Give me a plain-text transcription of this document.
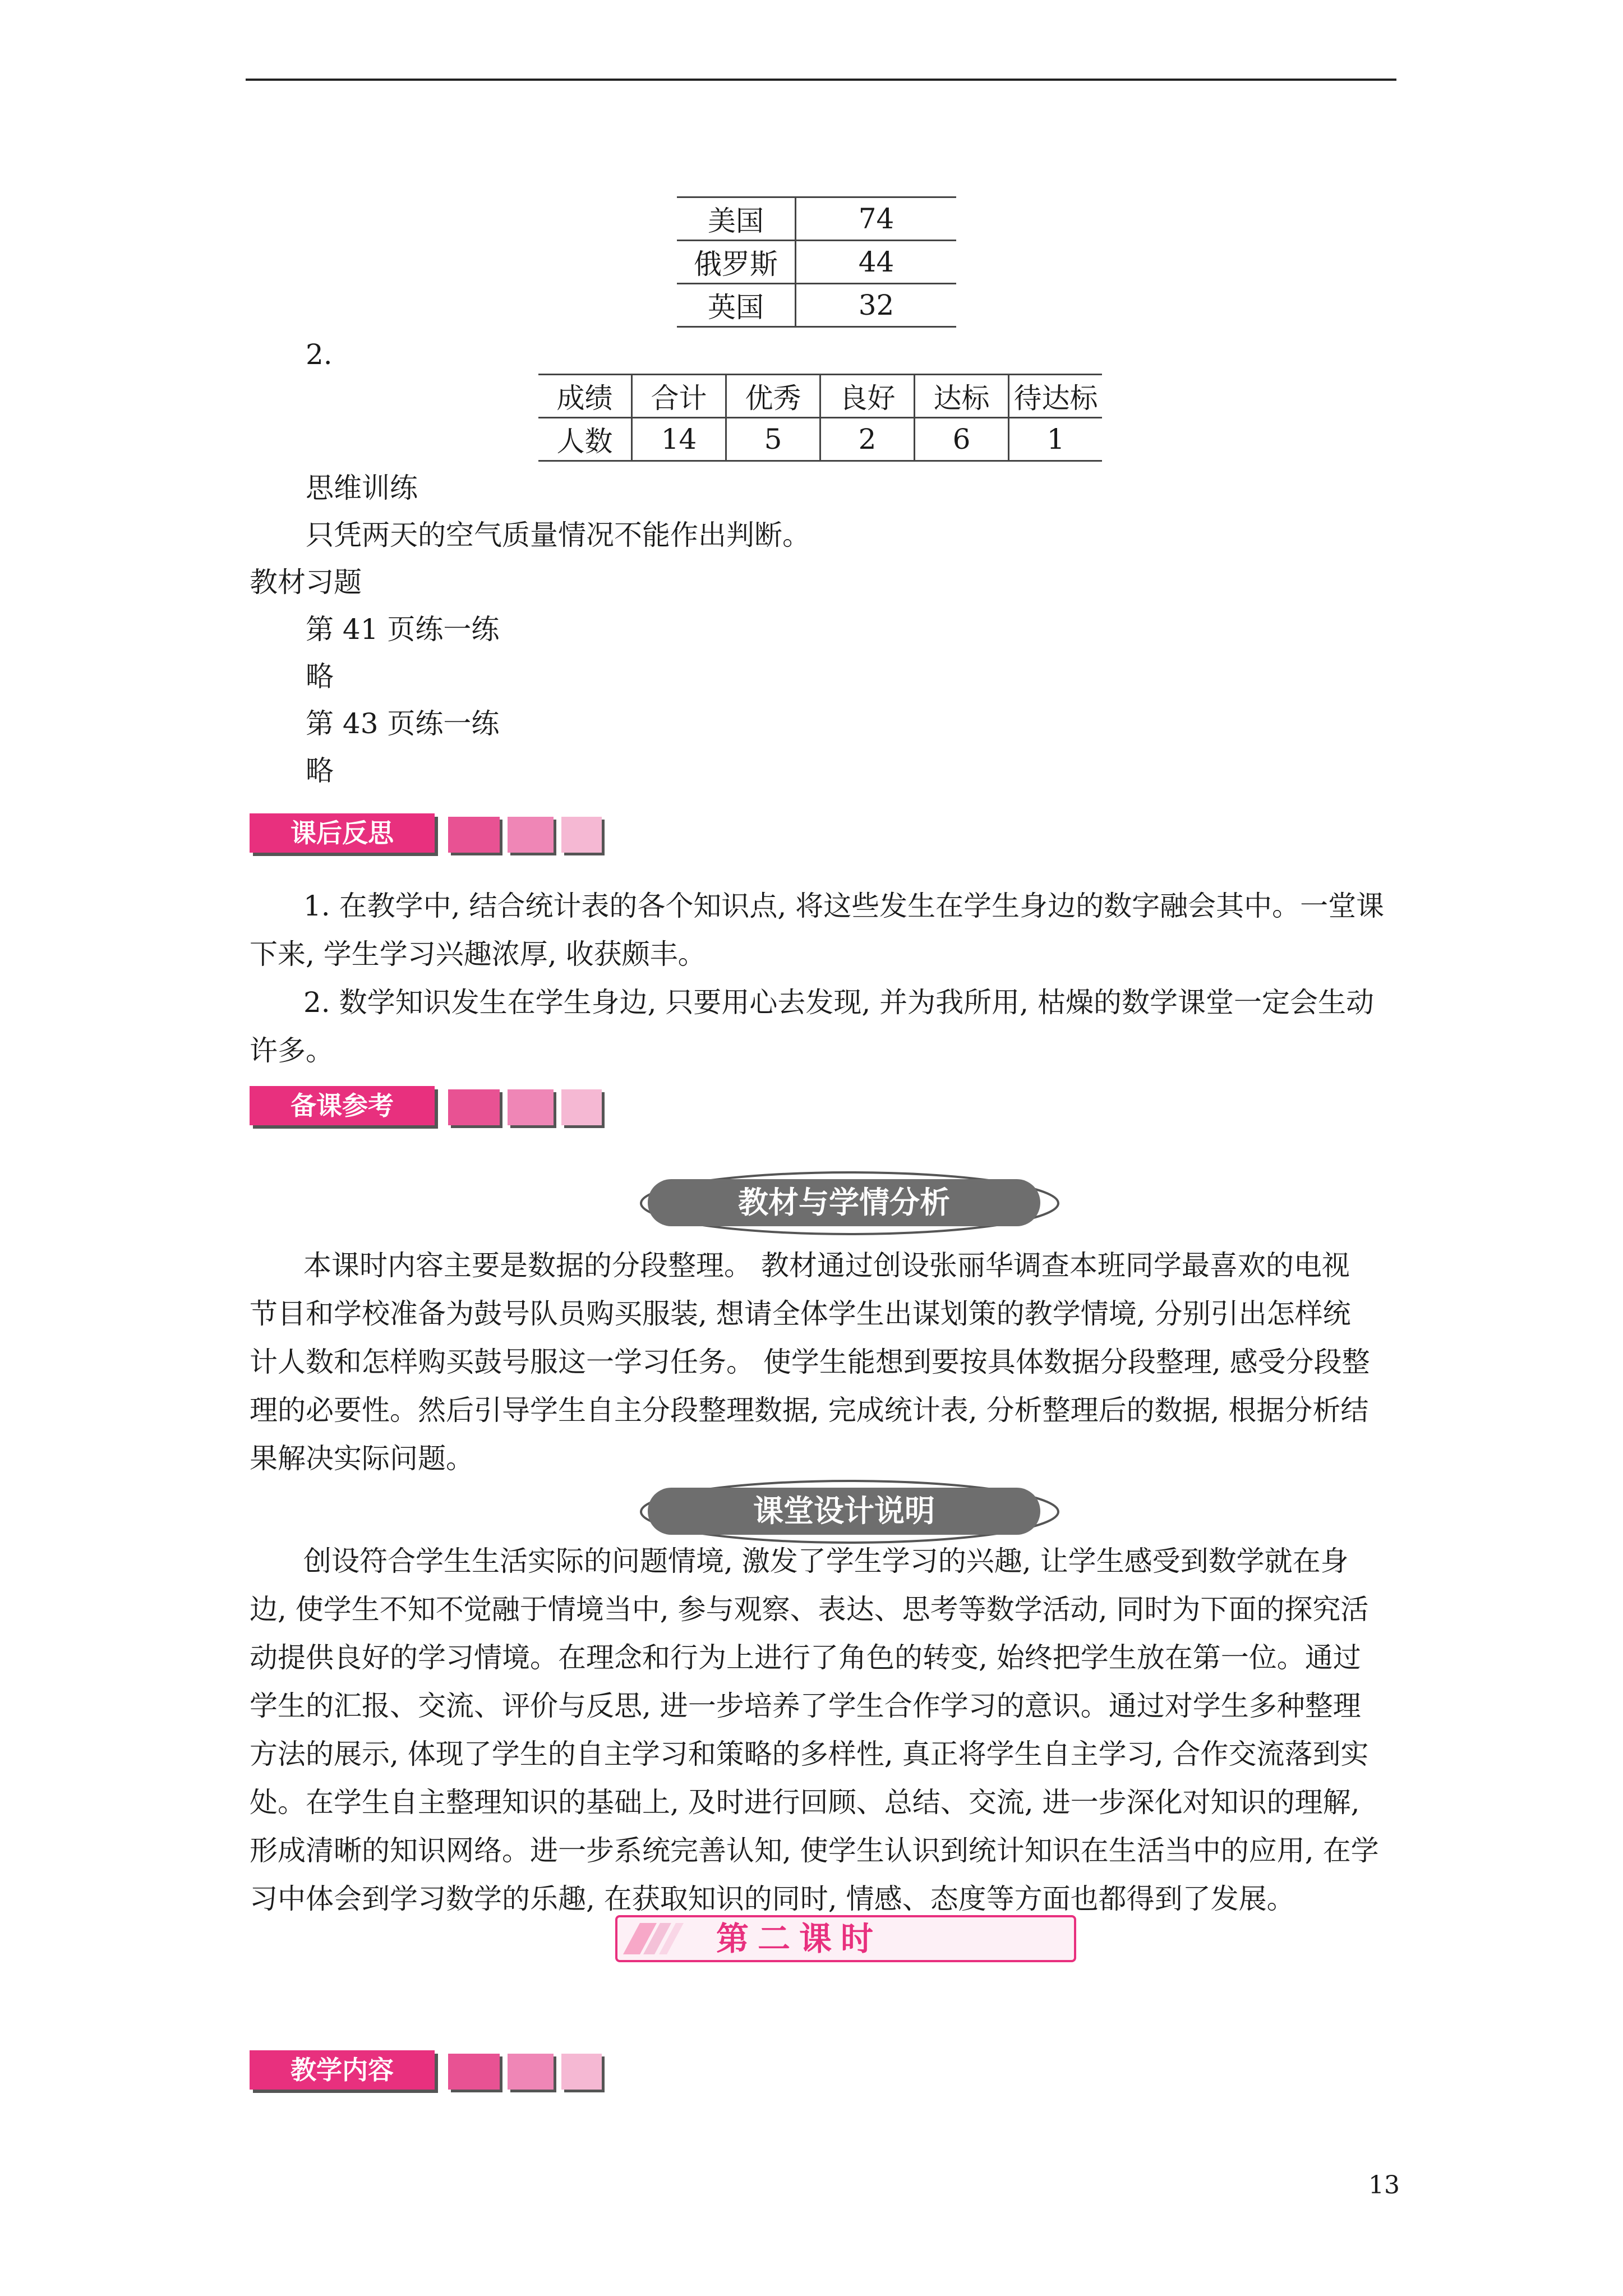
美国	74
俄罗斯	44
英国	32
2.
成绩	合计	优秀	良好	达标	待达标
人数	14	5	2	6	1
思维训练
只凭两天的空气质量情况不能作出判断。
教材习题
第 41 页练一练
略
第 43 页练一练
略
课后反思

1. 在教学中, 结合统计表的各个知识点, 将这些发生在学生身边的数字融会其中。一堂课

下来, 学生学习兴趣浓厚, 收获颇丰。

2. 数学知识发生在学生身边, 只要用心去发现, 并为我所用, 枯燥的数学课堂一定会生动

许多。

备课参考
教材与学情分析

本课时内容主要是数据的分段整理。 教材通过创设张丽华调查本班同学最喜欢的电视

节目和学校准备为鼓号队员购买服装, 想请全体学生出谋划策的教学情境, 分别引出怎样统

计人数和怎样购买鼓号服这一学习任务。 使学生能想到要按具体数据分段整理, 感受分段整

理的必要性。然后引导学生自主分段整理数据, 完成统计表, 分析整理后的数据, 根据分析结

果解决实际问题。

课堂设计说明

创设符合学生生活实际的问题情境, 激发了学生学习的兴趣, 让学生感受到数学就在身

边, 使学生不知不觉融于情境当中, 参与观察、表达、思考等数学活动, 同时为下面的探究活

动提供良好的学习情境。在理念和行为上进行了角色的转变, 始终把学生放在第一位。通过

学生的汇报、交流、评价与反思, 进一步培养了学生合作学习的意识。通过对学生多种整理

方法的展示, 体现了学生的自主学习和策略的多样性, 真正将学生自主学习, 合作交流落到实

处。在学生自主整理知识的基础上, 及时进行回顾、总结、交流, 进一步深化对知识的理解,

形成清晰的知识网络。进一步系统完善认知, 使学生认识到统计知识在生活当中的应用, 在学

习中体会到学习数学的乐趣, 在获取知识的同时, 情感、态度等方面也都得到了发展。

第二课时
教学内容
13
